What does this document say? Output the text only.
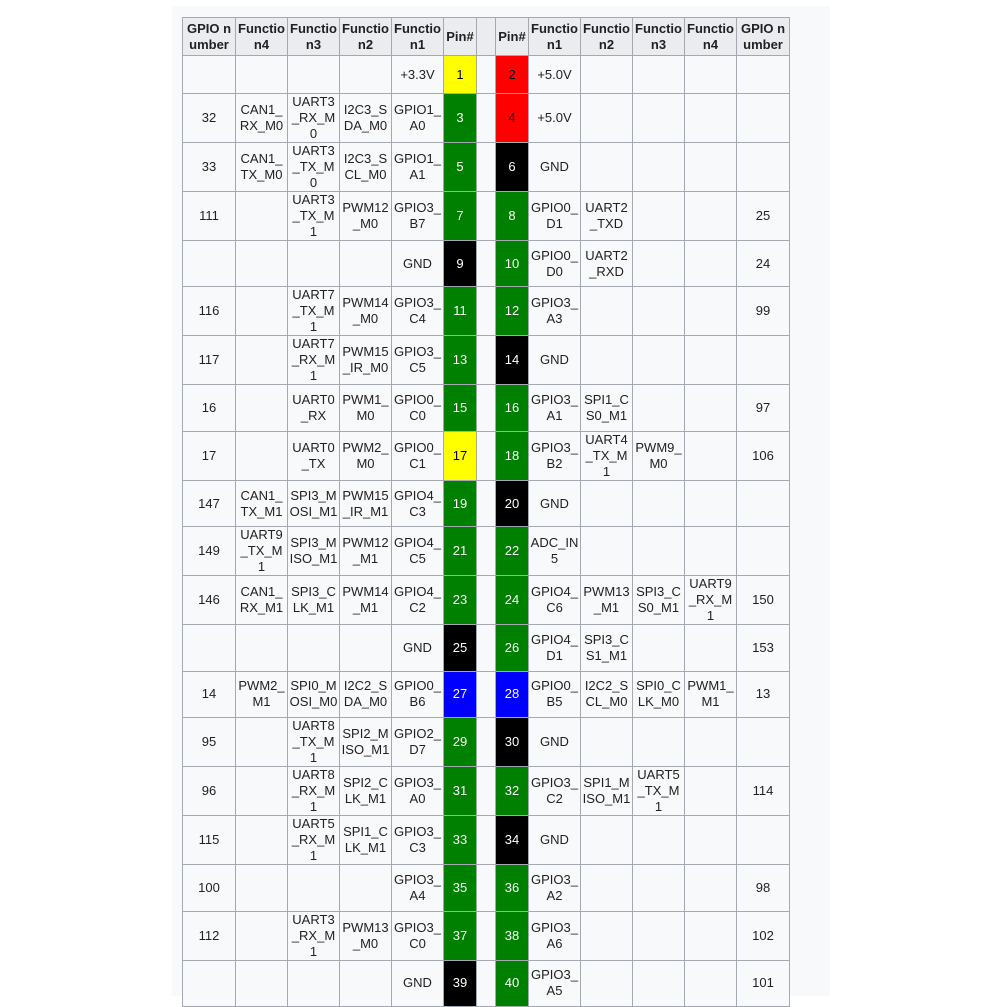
GPIO number	Function4	Function3	Function2	Function1	Pin#		Pin#	Function1	Function2	Function3	Function4	GPIO number
				+3.3V	1		2	+5.0V				
32	CAN1_RX_M0	UART3_RX_M0	I2C3_SDA_M0	GPIO1_A0	3		4	+5.0V				
33	CAN1_TX_M0	UART3_TX_M0	I2C3_SCL_M0	GPIO1_A1	5		6	GND				
111		UART3_TX_M1	PWM12_M0	GPIO3_B7	7		8	GPIO0_D1	UART2_TXD			25
				GND	9		10	GPIO0_D0	UART2_RXD			24
116		UART7_TX_M1	PWM14_M0	GPIO3_C4	11		12	GPIO3_A3				99
117		UART7_RX_M1	PWM15_IR_M0	GPIO3_C5	13		14	GND				
16		UART0_RX	PWM1_M0	GPIO0_C0	15		16	GPIO3_A1	SPI1_CS0_M1			97
17		UART0_TX	PWM2_M0	GPIO0_C1	17		18	GPIO3_B2	UART4_TX_M1	PWM9_M0		106
147	CAN1_TX_M1	SPI3_MOSI_M1	PWM15_IR_M1	GPIO4_C3	19		20	GND				
149	UART9_TX_M1	SPI3_MISO_M1	PWM12_M1	GPIO4_C5	21		22	ADC_IN5				
146	CAN1_RX_M1	SPI3_CLK_M1	PWM14_M1	GPIO4_C2	23		24	GPIO4_C6	PWM13_M1	SPI3_CS0_M1	UART9_RX_M1	150
				GND	25		26	GPIO4_D1	SPI3_CS1_M1			153
14	PWM2_M1	SPI0_MOSI_M0	I2C2_SDA_M0	GPIO0_B6	27		28	GPIO0_B5	I2C2_SCL_M0	SPI0_CLK_M0	PWM1_M1	13
95		UART8_TX_M1	SPI2_MISO_M1	GPIO2_D7	29		30	GND				
96		UART8_RX_M1	SPI2_CLK_M1	GPIO3_A0	31		32	GPIO3_C2	SPI1_MISO_M1	UART5_TX_M1		114
115		UART5_RX_M1	SPI1_CLK_M1	GPIO3_C3	33		34	GND				
100				GPIO3_A4	35		36	GPIO3_A2				98
112		UART3_RX_M1	PWM13_M0	GPIO3_C0	37		38	GPIO3_A6				102
				GND	39		40	GPIO3_A5				101
